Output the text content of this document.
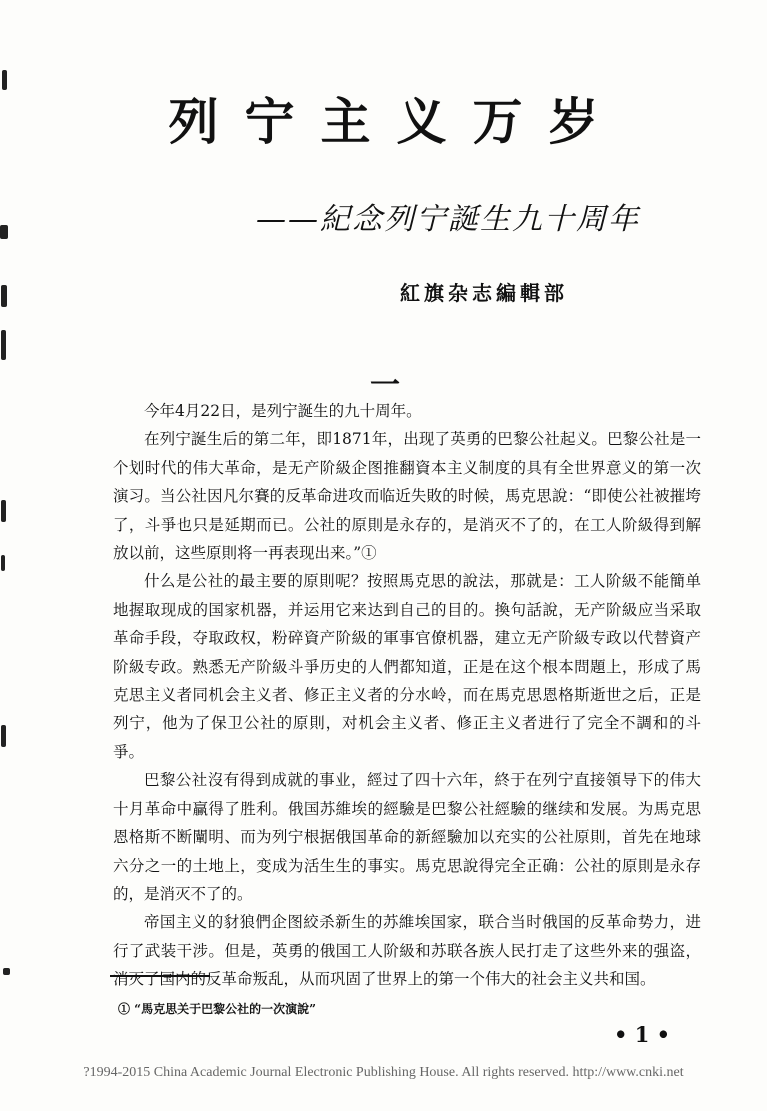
列宁主义万岁
——紀念列宁誕生九十周年
紅旗杂志編輯部
一

今年4月22日，是列宁誕生的九十周年。

在列宁誕生后的第二年，即1871年，出现了英勇的巴黎公社起义。巴黎公社是一个划时代的伟大革命，是无产阶級企图推翻資本主义制度的具有全世界意义的第一次演习。当公社因凡尔賽的反革命进攻而临近失敗的时候，馬克思說：“即使公社被摧垮了，斗爭也只是延期而已。公社的原則是永存的，是消灭不了的，在工人阶級得到解放以前，这些原則将一再表现出来。”①

什么是公社的最主要的原則呢？按照馬克思的說法，那就是：工人阶級不能簡单地握取现成的国家机器，并运用它来达到自己的目的。換句話說，无产阶級应当采取革命手段，夺取政权，粉碎資产阶級的軍事官僚机器，建立无产阶級专政以代替資产阶級专政。熟悉无产阶級斗爭历史的人們都知道，正是在这个根本問題上，形成了馬克思主义者同机会主义者、修正主义者的分水岭，而在馬克思恩格斯逝世之后，正是列宁，他为了保卫公社的原則，对机会主义者、修正主义者进行了完全不調和的斗爭。

巴黎公社沒有得到成就的事业，經过了四十六年，終于在列宁直接領导下的伟大十月革命中贏得了胜利。俄国苏維埃的經驗是巴黎公社經驗的继续和发展。为馬克思恩格斯不断闡明、而为列宁根据俄国革命的新經驗加以充实的公社原則，首先在地球六分之一的土地上，变成为活生生的事实。馬克思說得完全正确：公社的原則是永存的，是消灭不了的。

帝国主义的豺狼們企图絞杀新生的苏維埃国家，联合当时俄国的反革命势力，进行了武装干涉。但是，英勇的俄国工人阶級和苏联各族人民打走了这些外来的强盗，消灭了国内的反革命叛乱，从而巩固了世界上的第一个伟大的社会主义共和国。

① “馬克思关于巴黎公社的一次演說”
• 1 •
?1994-2015 China Academic Journal Electronic Publishing House. All rights reserved. http://www.cnki.net
